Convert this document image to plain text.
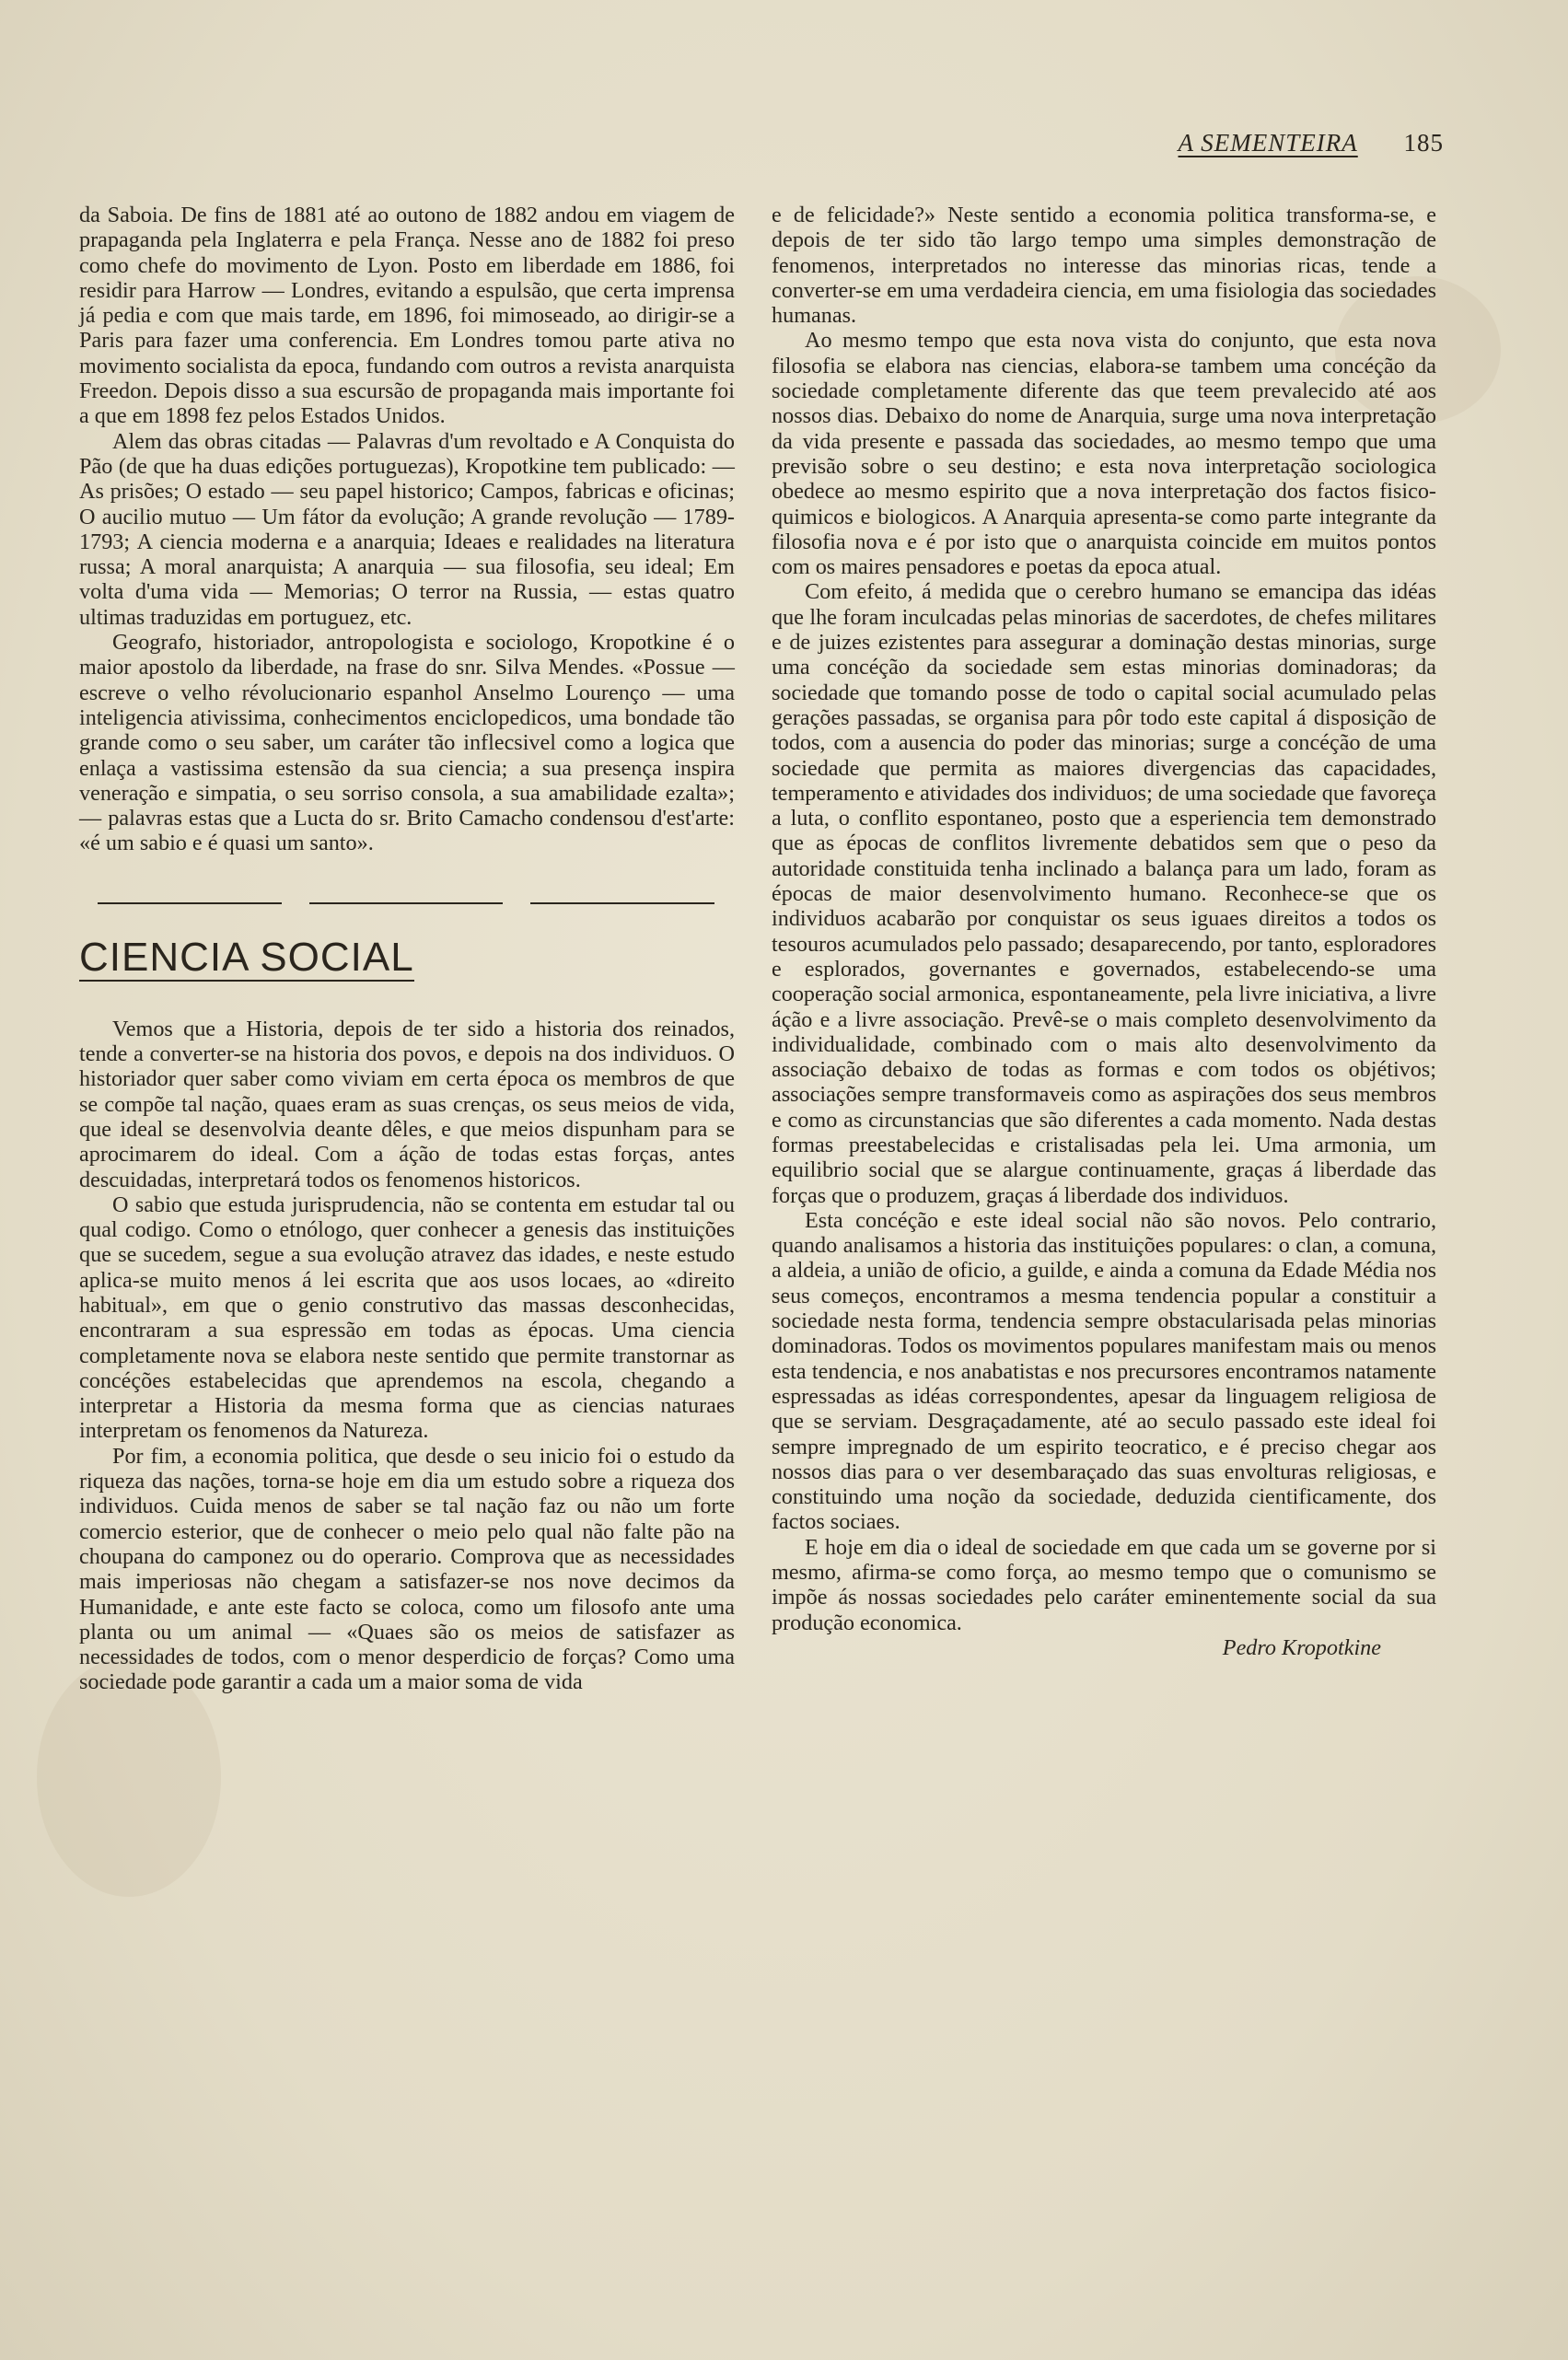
A SEMENTEIRA 185

da Saboia. De fins de 1881 até ao outono de 1882 andou em viagem de prapaganda pela Inglaterra e pela França. Nesse ano de 1882 foi preso como chefe do movimento de Lyon. Posto em liberdade em 1886, foi residir para Harrow — Londres, evitando a espulsão, que certa imprensa já pedia e com que mais tarde, em 1896, foi mimoseado, ao dirigir-se a Paris para fazer uma conferencia. Em Londres tomou parte ativa no movimento socialista da epoca, fundando com outros a revista anarquista Freedon. Depois disso a sua escursão de propaganda mais importante foi a que em 1898 fez pelos Estados Unidos.

Alem das obras citadas — Palavras d'um revoltado e A Conquista do Pão (de que ha duas edições portuguezas), Kropotkine tem publicado: — As prisões; O estado — seu papel historico; Campos, fabricas e oficinas; O aucilio mutuo — Um fátor da evolução; A grande revolução — 1789-1793; A ciencia moderna e a anarquia; Ideaes e realidades na literatura russa; A moral anarquista; A anarquia — sua filosofia, seu ideal; Em volta d'uma vida — Memorias; O terror na Russia, — estas quatro ultimas traduzidas em portuguez, etc.

Geografo, historiador, antropologista e sociologo, Kropotkine é o maior apostolo da liberdade, na frase do snr. Silva Mendes. «Possue — escreve o velho révolucionario espanhol Anselmo Lourenço — uma inteligencia ativissima, conhecimentos enciclopedicos, uma bondade tão grande como o seu saber, um caráter tão inflecsivel como a logica que enlaça a vastissima estensão da sua ciencia; a sua presença inspira veneração e simpatia, o seu sorriso consola, a sua amabilidade ezalta»; — palavras estas que a Lucta do sr. Brito Camacho condensou d'est'arte: «é um sabio e é quasi um santo».

CIENCIA SOCIAL

Vemos que a Historia, depois de ter sido a historia dos reinados, tende a converter-se na historia dos povos, e depois na dos individuos. O historiador quer saber como viviam em certa época os membros de que se compõe tal nação, quaes eram as suas crenças, os seus meios de vida, que ideal se desenvolvia deante dêles, e que meios dispunham para se aprocimarem do ideal. Com a áção de todas estas forças, antes descuidadas, interpretará todos os fenomenos historicos.

O sabio que estuda jurisprudencia, não se contenta em estudar tal ou qual codigo. Como o etnólogo, quer conhecer a genesis das instituições que se sucedem, segue a sua evolução atravez das idades, e neste estudo aplica-se muito menos á lei escrita que aos usos locaes, ao «direito habitual», em que o genio construtivo das massas desconhecidas, encontraram a sua espressão em todas as épocas. Uma ciencia completamente nova se elabora neste sentido que permite transtornar as concéções estabelecidas que aprendemos na escola, chegando a interpretar a Historia da mesma forma que as ciencias naturaes interpretam os fenomenos da Natureza.

Por fim, a economia politica, que desde o seu inicio foi o estudo da riqueza das nações, torna-se hoje em dia um estudo sobre a riqueza dos individuos. Cuida menos de saber se tal nação faz ou não um forte comercio esterior, que de conhecer o meio pelo qual não falte pão na choupana do camponez ou do operario. Comprova que as necessidades mais imperiosas não chegam a satisfazer-se nos nove decimos da Humanidade, e ante este facto se coloca, como um filosofo ante uma planta ou um animal — «Quaes são os meios de satisfazer as necessidades de todos, com o menor desperdicio de forças? Como uma sociedade pode garantir a cada um a maior soma de vida

e de felicidade?» Neste sentido a economia politica transforma-se, e depois de ter sido tão largo tempo uma simples demonstração de fenomenos, interpretados no interesse das minorias ricas, tende a converter-se em uma verdadeira ciencia, em uma fisiologia das sociedades humanas.

Ao mesmo tempo que esta nova vista do conjunto, que esta nova filosofia se elabora nas ciencias, elabora-se tambem uma concéção da sociedade completamente diferente das que teem prevalecido até aos nossos dias. Debaixo do nome de Anarquia, surge uma nova interpretação da vida presente e passada das sociedades, ao mesmo tempo que uma previsão sobre o seu destino; e esta nova interpretação sociologica obedece ao mesmo espirito que a nova interpretação dos factos fisico-quimicos e biologicos. A Anarquia apresenta-se como parte integrante da filosofia nova e é por isto que o anarquista coincide em muitos pontos com os maires pensadores e poetas da epoca atual.

Com efeito, á medida que o cerebro humano se emancipa das idéas que lhe foram inculcadas pelas minorias de sacerdotes, de chefes militares e de juizes ezistentes para assegurar a dominação destas minorias, surge uma concéção da sociedade sem estas minorias dominadoras; da sociedade que tomando posse de todo o capital social acumulado pelas gerações passadas, se organisa para pôr todo este capital á disposição de todos, com a ausencia do poder das minorias; surge a concéção de uma sociedade que permita as maiores divergencias das capacidades, temperamento e atividades dos individuos; de uma sociedade que favoreça a luta, o conflito espontaneo, posto que a esperiencia tem demonstrado que as épocas de conflitos livremente debatidos sem que o peso da autoridade constituida tenha inclinado a balança para um lado, foram as épocas de maior desenvolvimento humano. Reconhece-se que os individuos acabarão por conquistar os seus iguaes direitos a todos os tesouros acumulados pelo passado; desaparecendo, por tanto, esploradores e esplorados, governantes e governados, estabelecendo-se uma cooperação social armonica, espontaneamente, pela livre iniciativa, a livre áção e a livre associação. Prevê-se o mais completo desenvolvimento da individualidade, combinado com o mais alto desenvolvimento da associação debaixo de todas as formas e com todos os objétivos; associações sempre transformaveis como as aspirações dos seus membros e como as circunstancias que são diferentes a cada momento. Nada destas formas preestabelecidas e cristalisadas pela lei. Uma armonia, um equilibrio social que se alargue continuamente, graças á liberdade das forças que o produzem, graças á liberdade dos individuos.

Esta concéção e este ideal social não são novos. Pelo contrario, quando analisamos a historia das instituições populares: o clan, a comuna, a aldeia, a união de oficio, a guilde, e ainda a comuna da Edade Média nos seus começos, encontramos a mesma tendencia popular a constituir a sociedade nesta forma, tendencia sempre obstacularisada pelas minorias dominadoras. Todos os movimentos populares manifestam mais ou menos esta tendencia, e nos anabatistas e nos precursores encontramos natamente espressadas as idéas correspondentes, apesar da linguagem religiosa de que se serviam. Desgraçadamente, até ao seculo passado este ideal foi sempre impregnado de um espirito teocratico, e é preciso chegar aos nossos dias para o ver desembaraçado das suas envolturas religiosas, e constituindo uma noção da sociedade, deduzida cientificamente, dos factos sociaes.

E hoje em dia o ideal de sociedade em que cada um se governe por si mesmo, afirma-se como força, ao mesmo tempo que o comunismo se impõe ás nossas sociedades pelo caráter eminentemente social da sua produção economica.

Pedro Kropotkine
